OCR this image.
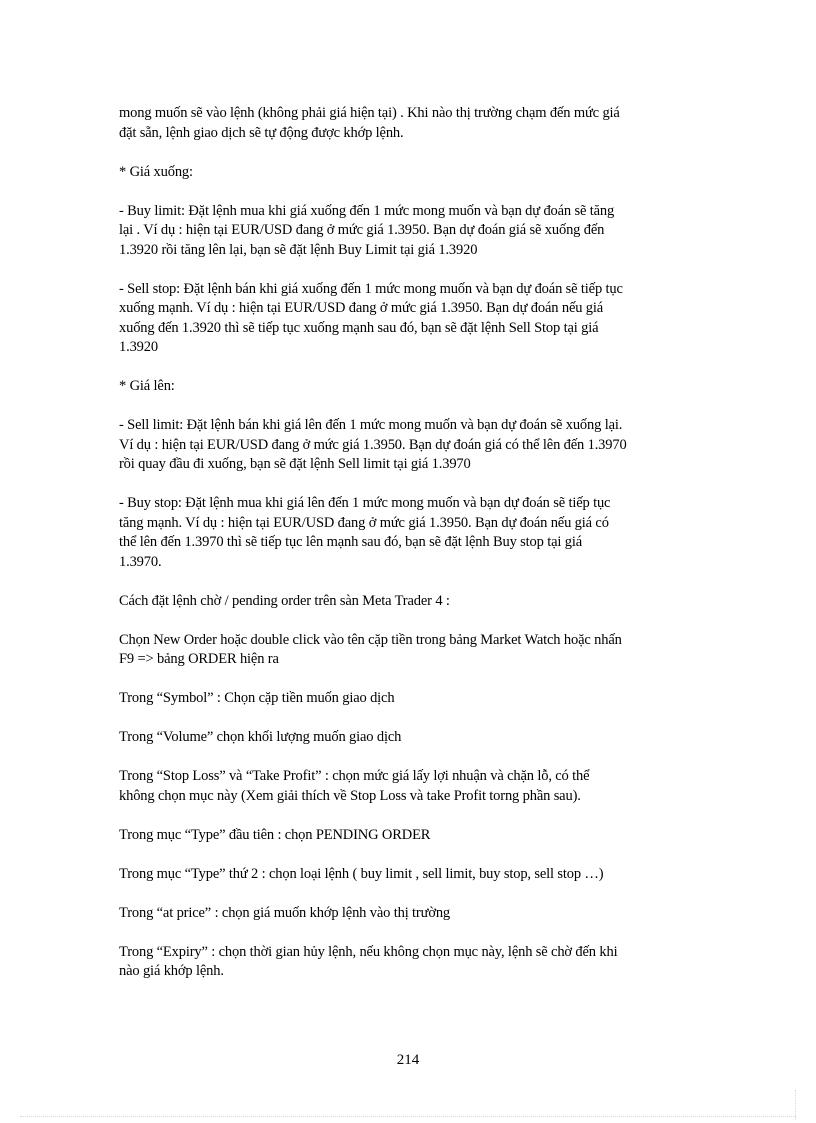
mong muốn sẽ vào lệnh (không phải giá hiện tại) . Khi nào thị trường chạm đến mức giá
đặt sẵn, lệnh giao dịch sẽ tự động được khớp lệnh.
* Giá xuống:
- Buy limit: Đặt lệnh mua khi giá xuống đến 1 mức mong muốn và bạn dự đoán sẽ tăng
lại . Ví dụ : hiện tại EUR/USD đang ở mức giá 1.3950. Bạn dự đoán giá sẽ xuống đến
1.3920 rồi tăng lên lại, bạn sẽ đặt lệnh Buy Limit tại giá 1.3920
- Sell stop: Đặt lệnh bán khi giá xuống đến 1 mức mong muốn và bạn dự đoán sẽ tiếp tục
xuống mạnh. Ví dụ : hiện tại EUR/USD đang ở mức giá 1.3950. Bạn dự đoán nếu giá
xuống đến 1.3920 thì sẽ tiếp tục xuống mạnh sau đó, bạn sẽ đặt lệnh Sell Stop tại giá
1.3920
* Giá lên:
- Sell limit: Đặt lệnh bán khi giá lên đến 1 mức mong muốn và bạn dự đoán sẽ xuống lại.
Ví dụ : hiện tại EUR/USD đang ở mức giá 1.3950. Bạn dự đoán giá có thể lên đến 1.3970
rồi quay đầu đi xuống, bạn sẽ đặt lệnh Sell limit tại giá 1.3970
- Buy stop: Đặt lệnh mua khi giá lên đến 1 mức mong muốn và bạn dự đoán sẽ tiếp tục
tăng mạnh. Ví dụ : hiện tại EUR/USD đang ở mức giá 1.3950. Bạn dự đoán nếu giá có
thể lên đến 1.3970 thì sẽ tiếp tục lên mạnh sau đó, bạn sẽ đặt lệnh Buy stop tại giá
1.3970.
Cách đặt lệnh chờ / pending order trên sàn Meta Trader 4 :
Chọn New Order hoặc double click vào tên cặp tiền trong bảng Market Watch hoặc nhấn
F9 => bảng ORDER hiện ra
Trong “Symbol” : Chọn cặp tiền muốn giao dịch
Trong “Volume” chọn khối lượng muốn giao dịch
Trong “Stop Loss” và “Take Profit” : chọn mức giá lấy lợi nhuận và chặn lỗ, có thể
không chọn mục này (Xem giải thích về Stop Loss và take Profit torng phần sau).
Trong mục “Type” đầu tiên : chọn PENDING ORDER
Trong mục “Type” thứ 2 : chọn loại lệnh ( buy limit , sell limit, buy stop, sell stop …)
Trong “at price” : chọn giá muốn khớp lệnh vào thị trường
Trong “Expiry” : chọn thời gian hủy lệnh, nếu không chọn mục này, lệnh sẽ chờ đến khi
nào giá khớp lệnh.
214
